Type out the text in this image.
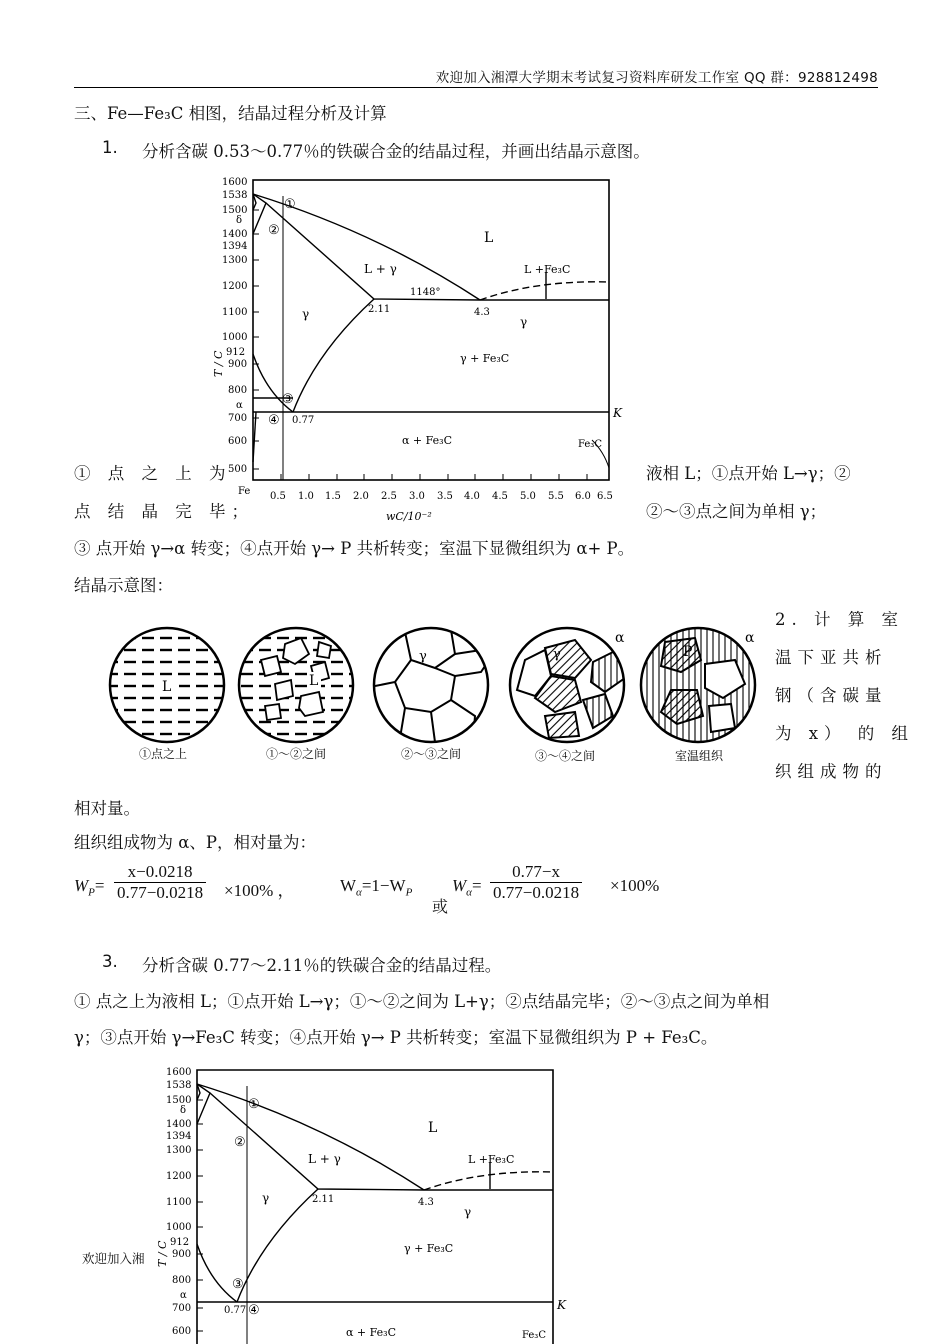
欢迎加入湘潭大学期末考试复习资料库研发工作室 QQ 群：928812498
三、Fe—Fe₃C 相图，结晶过程分析及计算
1. 分析含碳 0.53～0.77％的铁碳合金的结晶过程，并画出结晶示意图。
1600
1538
1500
δ
1400
1394
1300
1200
1100
1000
912
900
800
α
700
600
500
Fe
T / C
0.5 1.0 1.5 2.0 2.5 3.0 3.5 4.0 4.5 5.0 5.5 6.0 6.5
wC/10⁻²
L
L + γ	L +Fe₃C
1148°
2.11	4.3
γ
γ
γ + Fe₃C
α + Fe₃C
0.77
K
Fe₃C
①
②
③
④
① 点 之 上 为	液相 L；①点开始 L→γ；②
点 结 晶 完 毕；	②～③点之间为单相 γ；
③ 点开始 γ→α 转变；④点开始 γ→ P 共析转变；室温下显微组织为 α+ P。
结晶示意图：
L
①点之上
L
①～②之间
γ
②～③之间
γ
α
③～④之间
P
α
室温组织
2. 计 算 室
温下亚共析
钢（含碳量
为 x） 的 组
织组成物的
相对量。
组织组成物为 α、P，相对量为：
$W_P= \frac{x-0.0218}{0.77-0.0218} \times 100\%$ ，	$W_\alpha=1-W_P$
或
$W_\alpha= \frac{0.77-x}{0.77-0.0218} \times 100\%$
3. 分析含碳 0.77～2.11％的铁碳合金的结晶过程。
① 点之上为液相 L；①点开始 L→γ；①～②之间为 L+γ；②点结晶完毕；②～③点之间为单相
γ；③点开始 γ→Fe₃C 转变；④点开始 γ→ P 共析转变；室温下显微组织为 P + Fe₃C。
欢迎加入湘
1600
1538
1500
δ
1400
1394
1300
1200
1100
1000
912
900
800
α
700
600
T / C
L
L + γ	L +Fe₃C
2.11	4.3
γ
γ
γ + Fe₃C
α + Fe₃C
0.77	K
Fe₃C
①
②
③
④
